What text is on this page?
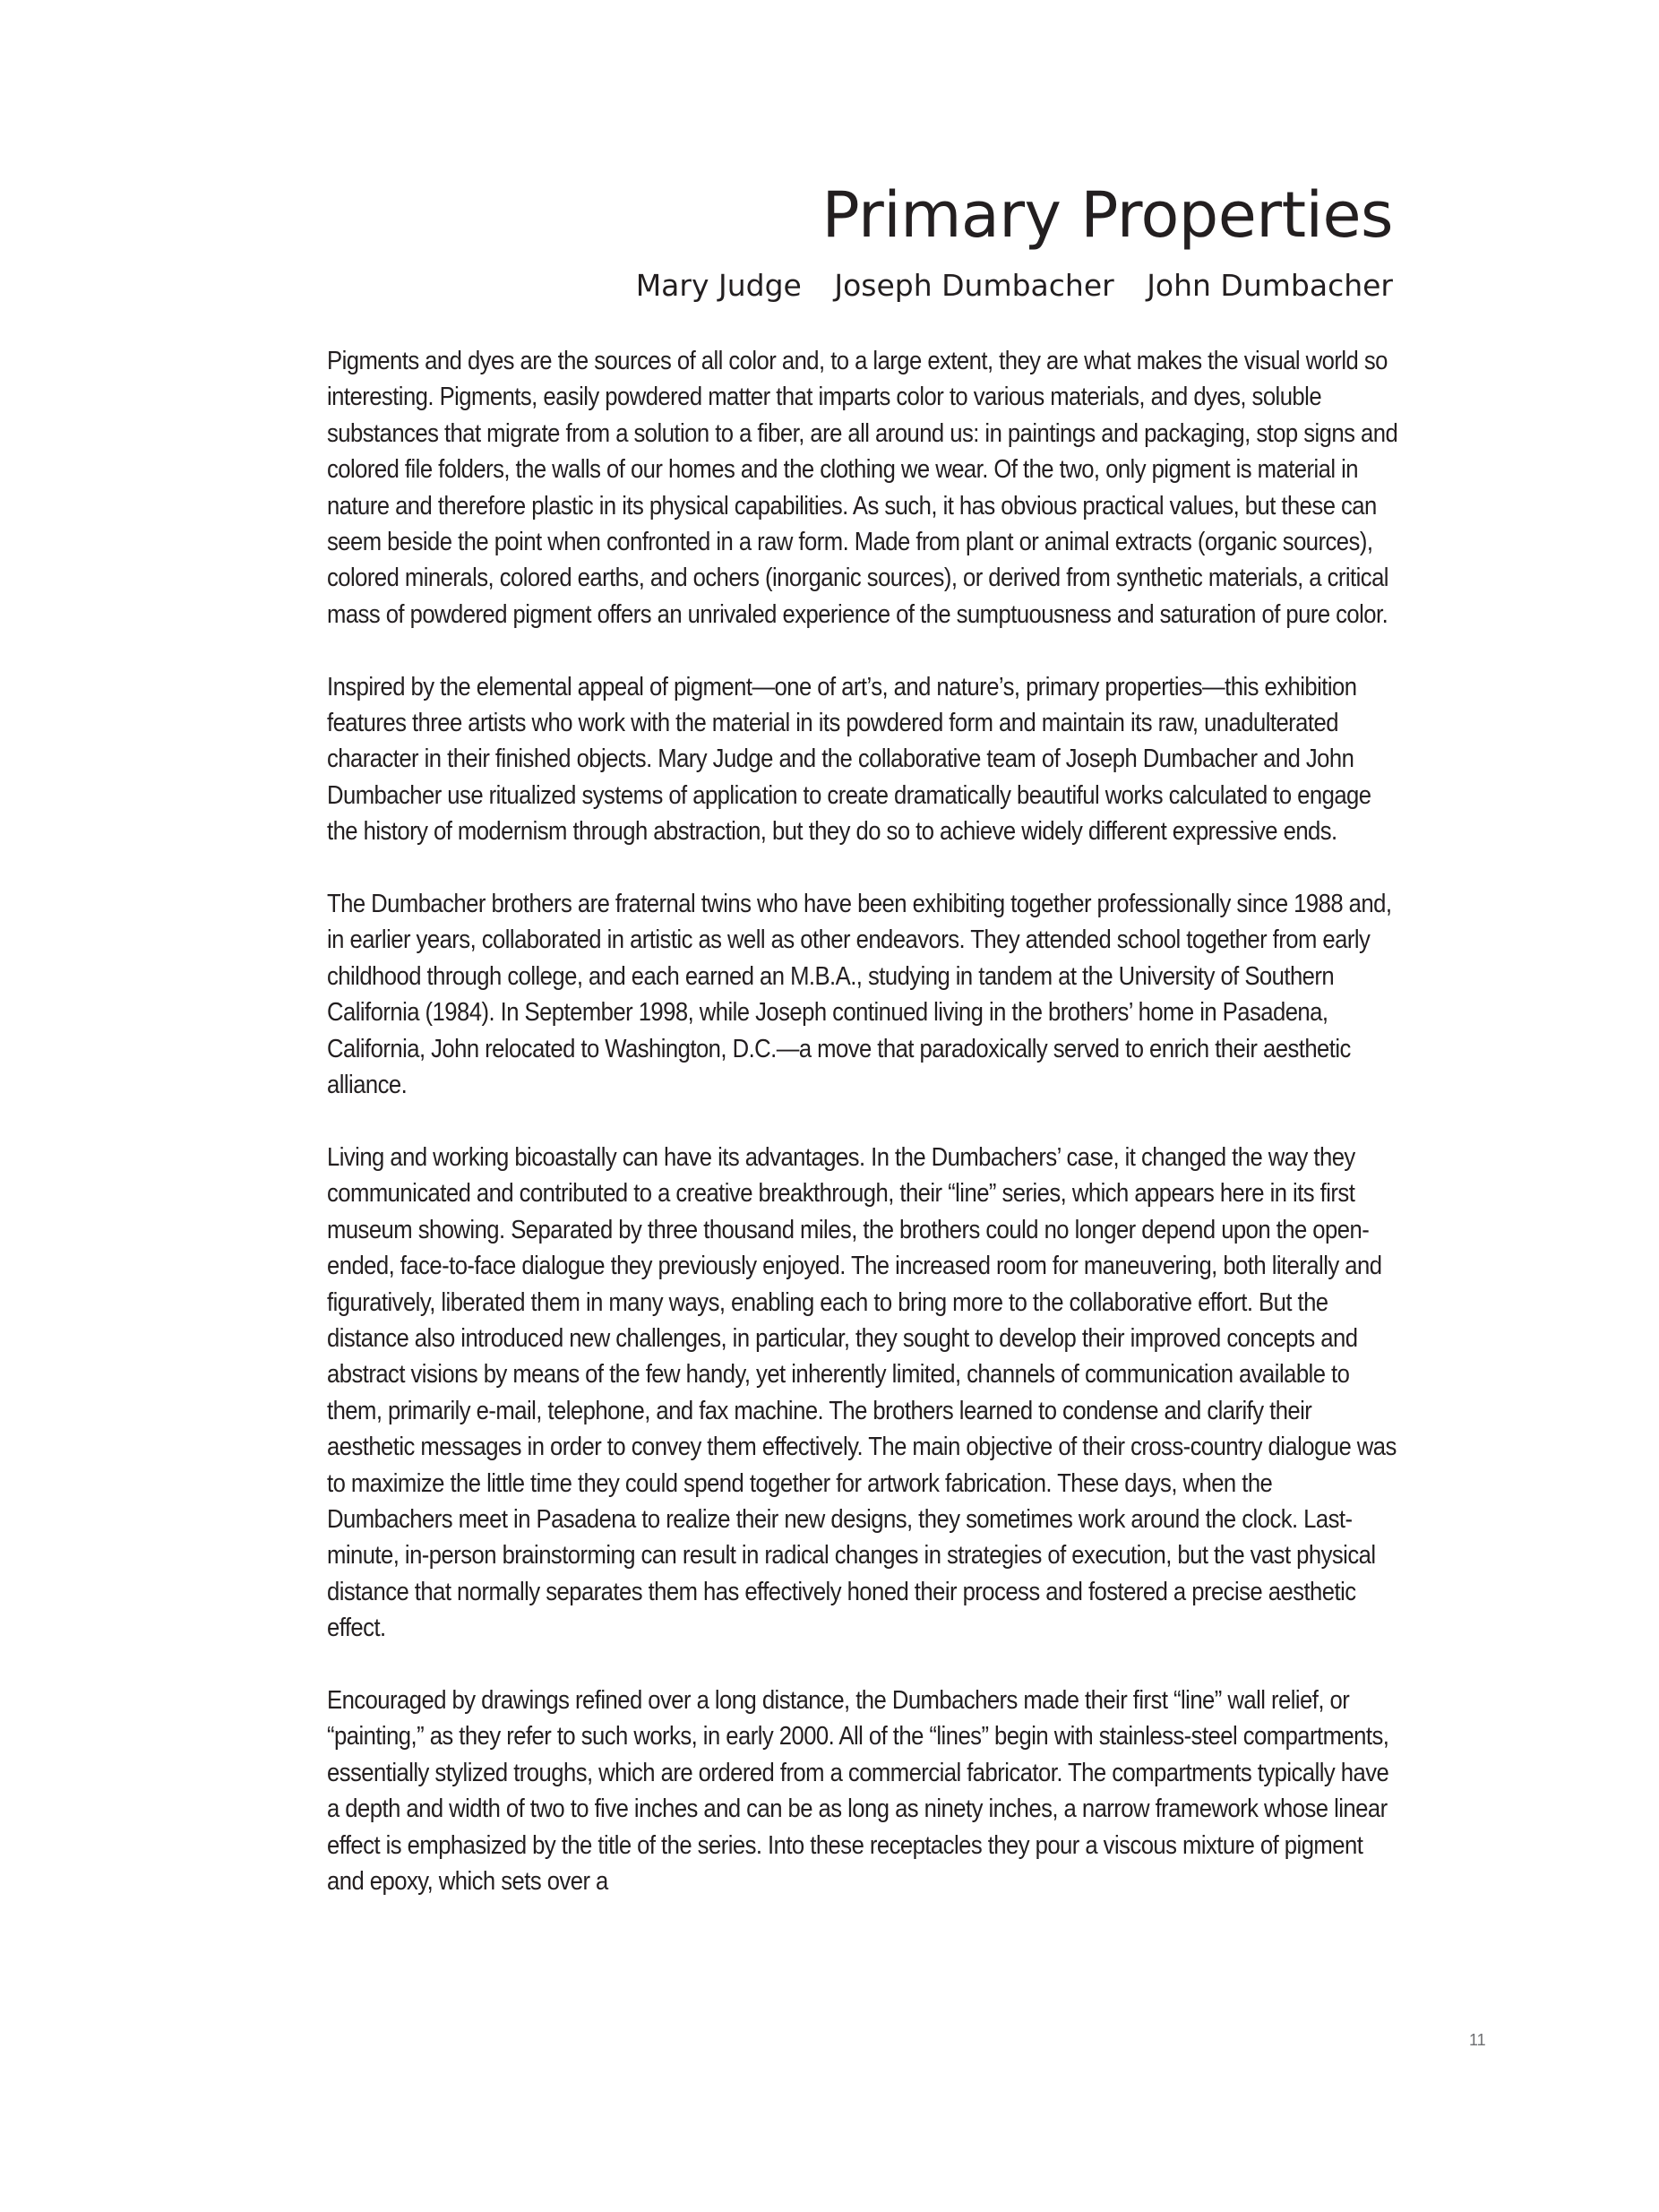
Primary Properties
Mary Judge Joseph Dumbacher John Dumbacher

Pigments and dyes are the sources of all color and, to a large extent, they are what makes the visual world so interesting. Pigments, easily powdered matter that imparts color to various materials, and dyes, soluble substances that migrate from a solution to a fiber, are all around us: in paintings and packaging, stop signs and colored file folders, the walls of our homes and the clothing we wear. Of the two, only pigment is material in nature and therefore plastic in its physical capabilities. As such, it has obvious practical values, but these can seem beside the point when confronted in a raw form. Made from plant or animal extracts (organic sources), colored minerals, colored earths, and ochers (inorganic sources), or derived from synthetic materials, a critical mass of powdered pigment offers an unrivaled experience of the sumptuousness and saturation of pure color.

Inspired by the elemental appeal of pigment—one of art’s, and nature’s, primary properties—this exhibition features three artists who work with the material in its powdered form and maintain its raw, unadulterated character in their finished objects. Mary Judge and the collaborative team of Joseph Dumbacher and John Dumbacher use ritualized systems of application to create dramatically beautiful works calculated to engage the history of modernism through abstraction, but they do so to achieve widely different expressive ends.

The Dumbacher brothers are fraternal twins who have been exhibiting together professionally since 1988 and, in earlier years, collaborated in artistic as well as other endeavors. They attended school together from early childhood through college, and each earned an M.B.A., studying in tandem at the University of Southern California (1984). In September 1998, while Joseph continued living in the brothers’ home in Pasadena, California, John relocated to Washington, D.C.—a move that paradoxically served to enrich their aesthetic alliance.

Living and working bicoastally can have its advantages. In the Dumbachers’ case, it changed the way they communicated and contributed to a creative breakthrough, their “line” series, which appears here in its first museum showing. Separated by three thousand miles, the brothers could no longer depend upon the open-ended, face-to-face dialogue they previously enjoyed. The increased room for maneuvering, both literally and figuratively, liberated them in many ways, enabling each to bring more to the collaborative effort. But the distance also introduced new challenges, in particular, they sought to develop their improved concepts and abstract visions by means of the few handy, yet inherently limited, channels of communication available to them, primarily e-mail, telephone, and fax machine. The brothers learned to condense and clarify their aesthetic messages in order to convey them effectively. The main objective of their cross-country dialogue was to maximize the little time they could spend together for artwork fabrication. These days, when the Dumbachers meet in Pasadena to realize their new designs, they sometimes work around the clock. Last-minute, in-person brainstorming can result in radical changes in strategies of execution, but the vast physical distance that normally separates them has effectively honed their process and fostered a precise aesthetic effect.

Encouraged by drawings refined over a long distance, the Dumbachers made their first “line” wall relief, or “painting,” as they refer to such works, in early 2000. All of the “lines” begin with stainless-steel compartments, essentially stylized troughs, which are ordered from a commercial fabricator. The compartments typically have a depth and width of two to five inches and can be as long as ninety inches, a narrow framework whose linear effect is emphasized by the title of the series. Into these receptacles they pour a viscous mixture of pigment and epoxy, which sets over a

11
